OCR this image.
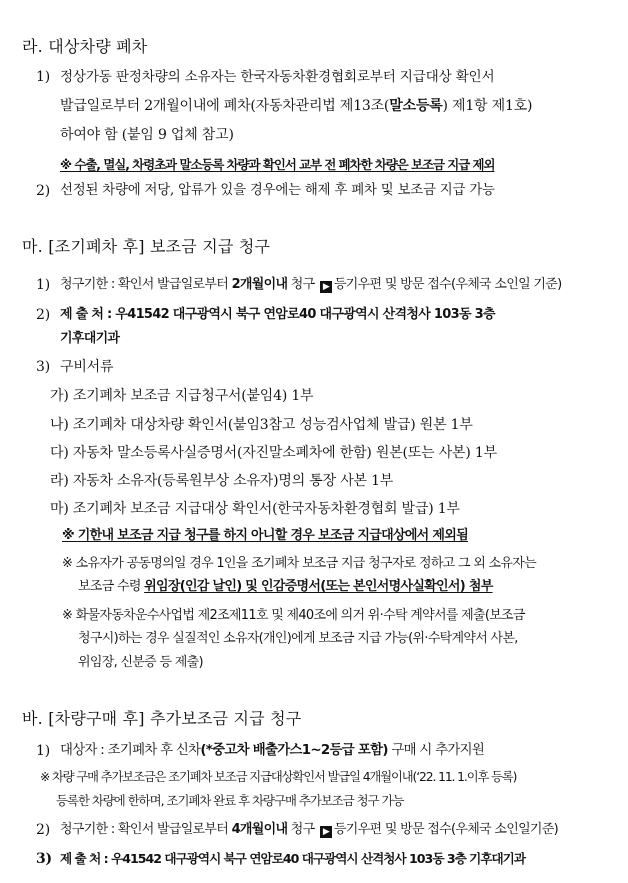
라. 대상차량 폐차
1) 정상가동 판정차량의 소유자는 한국자동차환경협회로부터 지급대상 확인서
발급일로부터 2개월이내에 폐차(자동차관리법 제13조(말소등록) 제1항 제1호)
하여야 함 (붙임 9 업체 참고)
※ 수출, 멸실, 차령초과 말소등록 차량과 확인서 교부 전 폐차한 차량은 보조금 지급 제외
2) 선정된 차량에 저당, 압류가 있을 경우에는 해제 후 폐차 및 보조금 지급 가능
마. [조기폐차 후] 보조금 지급 청구
1) 청구기한 : 확인서 발급일로부터 2개월이내 청구 ▶ 등기우편 및 방문 접수(우체국 소인일 기준)
2) 제 출 처 : 우41542 대구광역시 북구 연암로40 대구광역시 산격청사 103동 3층
기후대기과
3) 구비서류
가) 조기폐차 보조금 지급청구서(붙임4) 1부
나) 조기폐차 대상차량 확인서(붙임3참고 성능검사업체 발급) 원본 1부
다) 자동차 말소등록사실증명서(자진말소폐차에 한함) 원본(또는 사본) 1부
라) 자동차 소유자(등록원부상 소유자)명의 통장 사본 1부
마) 조기폐차 보조금 지급대상 확인서(한국자동차환경협회 발급) 1부
※ 기한내 보조금 지급 청구를 하지 아니할 경우 보조금 지급대상에서 제외됨
※ 소유자가 공동명의일 경우 1인을 조기폐차 보조금 지급 청구자로 정하고 그 외 소유자는
보조금 수령 위임장(인감 날인) 및 인감증명서(또는 본인서명사실확인서) 첨부
※ 화물자동차운수사업법 제2조제11호 및 제40조에 의거 위·수탁 계약서를 제출(보조금
청구시)하는 경우 실질적인 소유자(개인)에게 보조금 지급 가능(위·수탁계약서 사본,
위임장, 신분증 등 제출)
바. [차량구매 후] 추가보조금 지급 청구
1) 대상자 : 조기폐차 후 신차(*중고차 배출가스1~2등급 포함) 구매 시 추가지원
※ 차량 구매 추가보조금은 조기폐차 보조금 지급대상확인서 발급일 4개월이내(‘22. 11. 1.이후 등록)
등록한 차량에 한하며, 조기폐차 완료 후 차량구매 추가보조금 청구 가능
2) 청구기한 : 확인서 발급일로부터 4개월이내 청구 ▶ 등기우편 및 방문 접수(우체국 소인일기준)
3) 제 출 처 : 우41542 대구광역시 북구 연암로40 대구광역시 산격청사 103동 3층 기후대기과
